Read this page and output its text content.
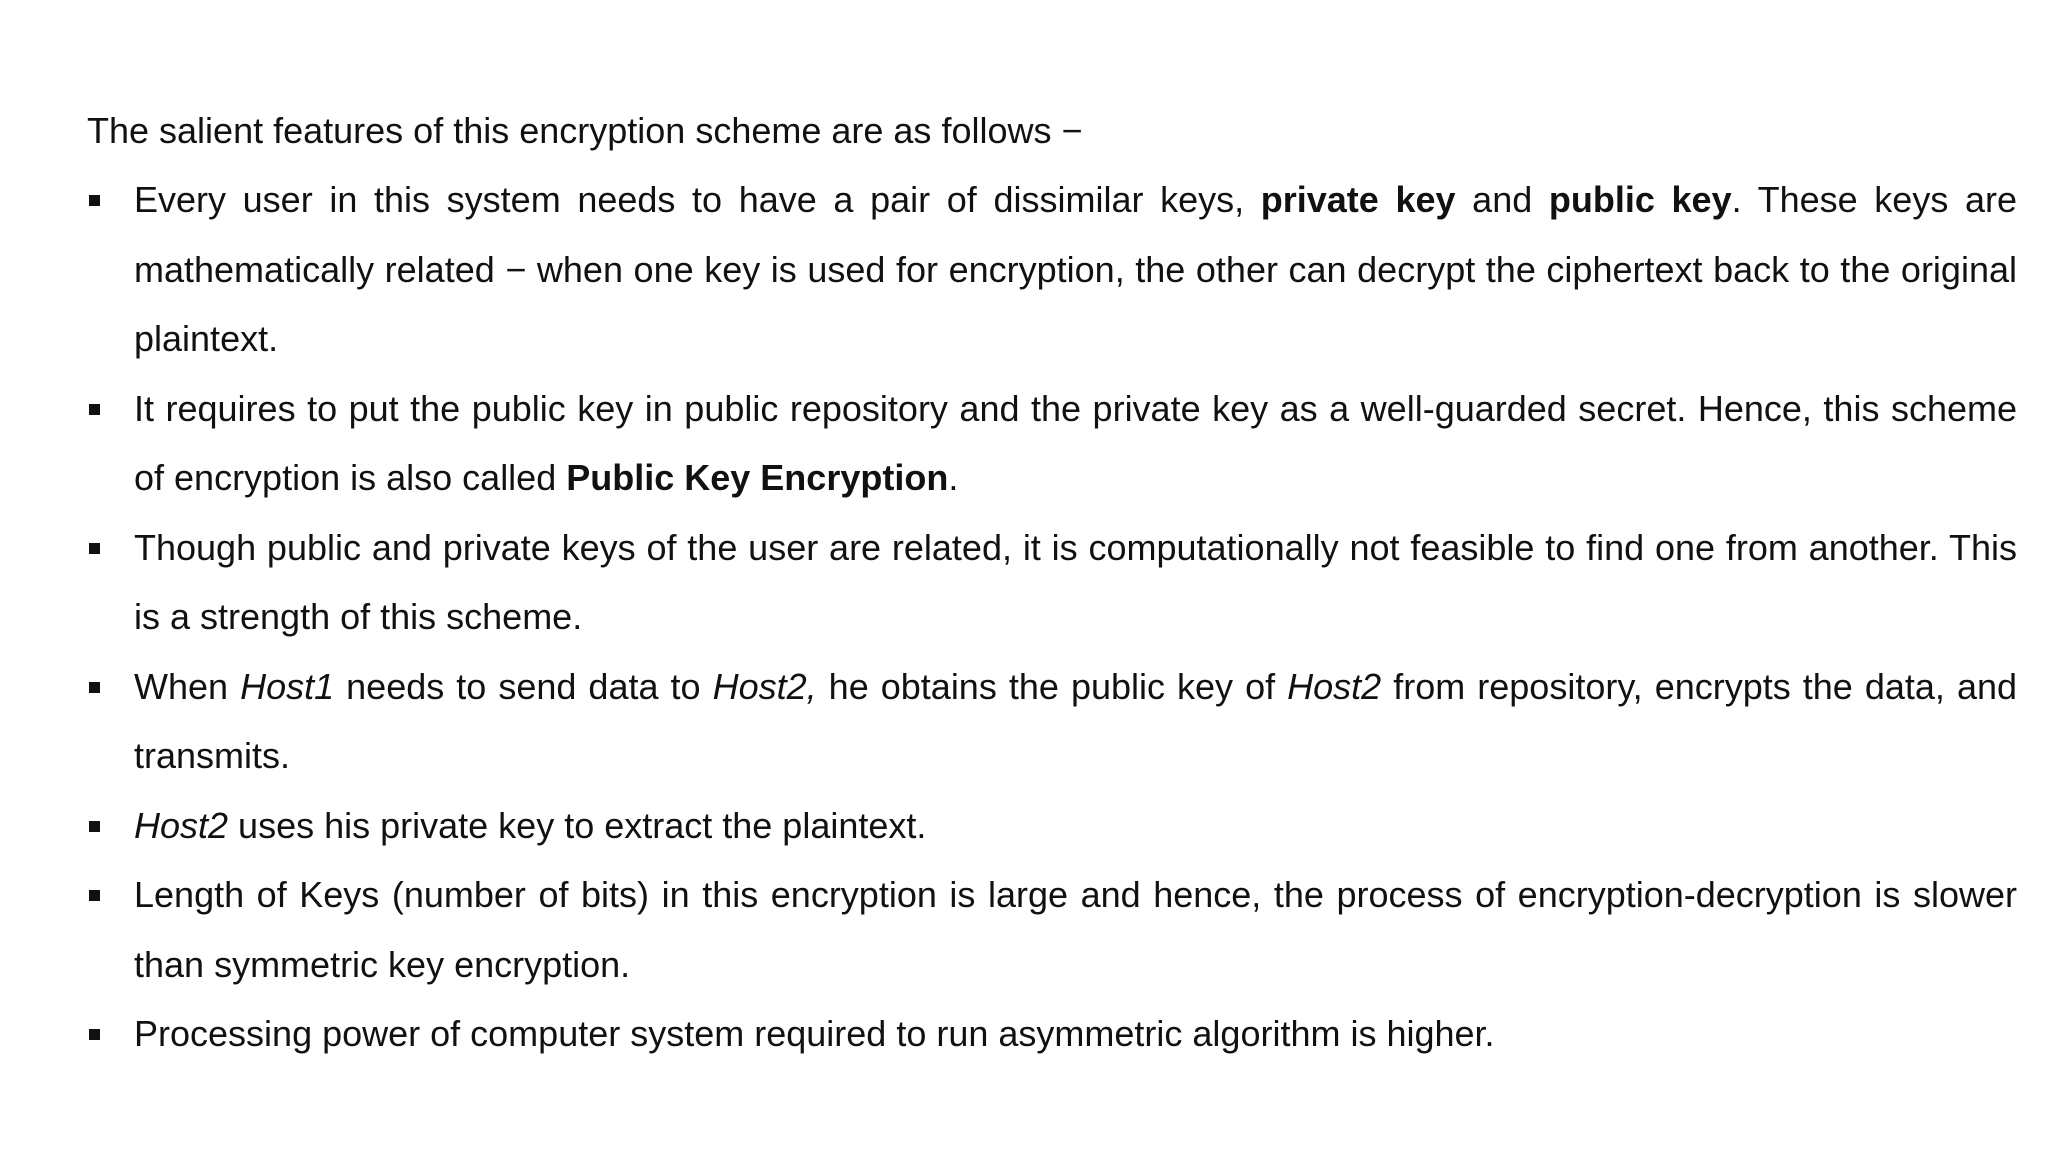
The salient features of this encryption scheme are as follows −

Every user in this system needs to have a pair of dissimilar keys, private key and public key. These keys are mathematically related − when one key is used for encryption, the other can decrypt the ciphertext back to the original plaintext.
It requires to put the public key in public repository and the private key as a well-guarded secret. Hence, this scheme of encryption is also called Public Key Encryption.
Though public and private keys of the user are related, it is computationally not feasible to find one from another. This is a strength of this scheme.
When Host1 needs to send data to Host2, he obtains the public key of Host2 from repository, encrypts the data, and transmits.
Host2 uses his private key to extract the plaintext.
Length of Keys (number of bits) in this encryption is large and hence, the process of encryption-decryption is slower than symmetric key encryption.
Processing power of computer system required to run asymmetric algorithm is higher.
